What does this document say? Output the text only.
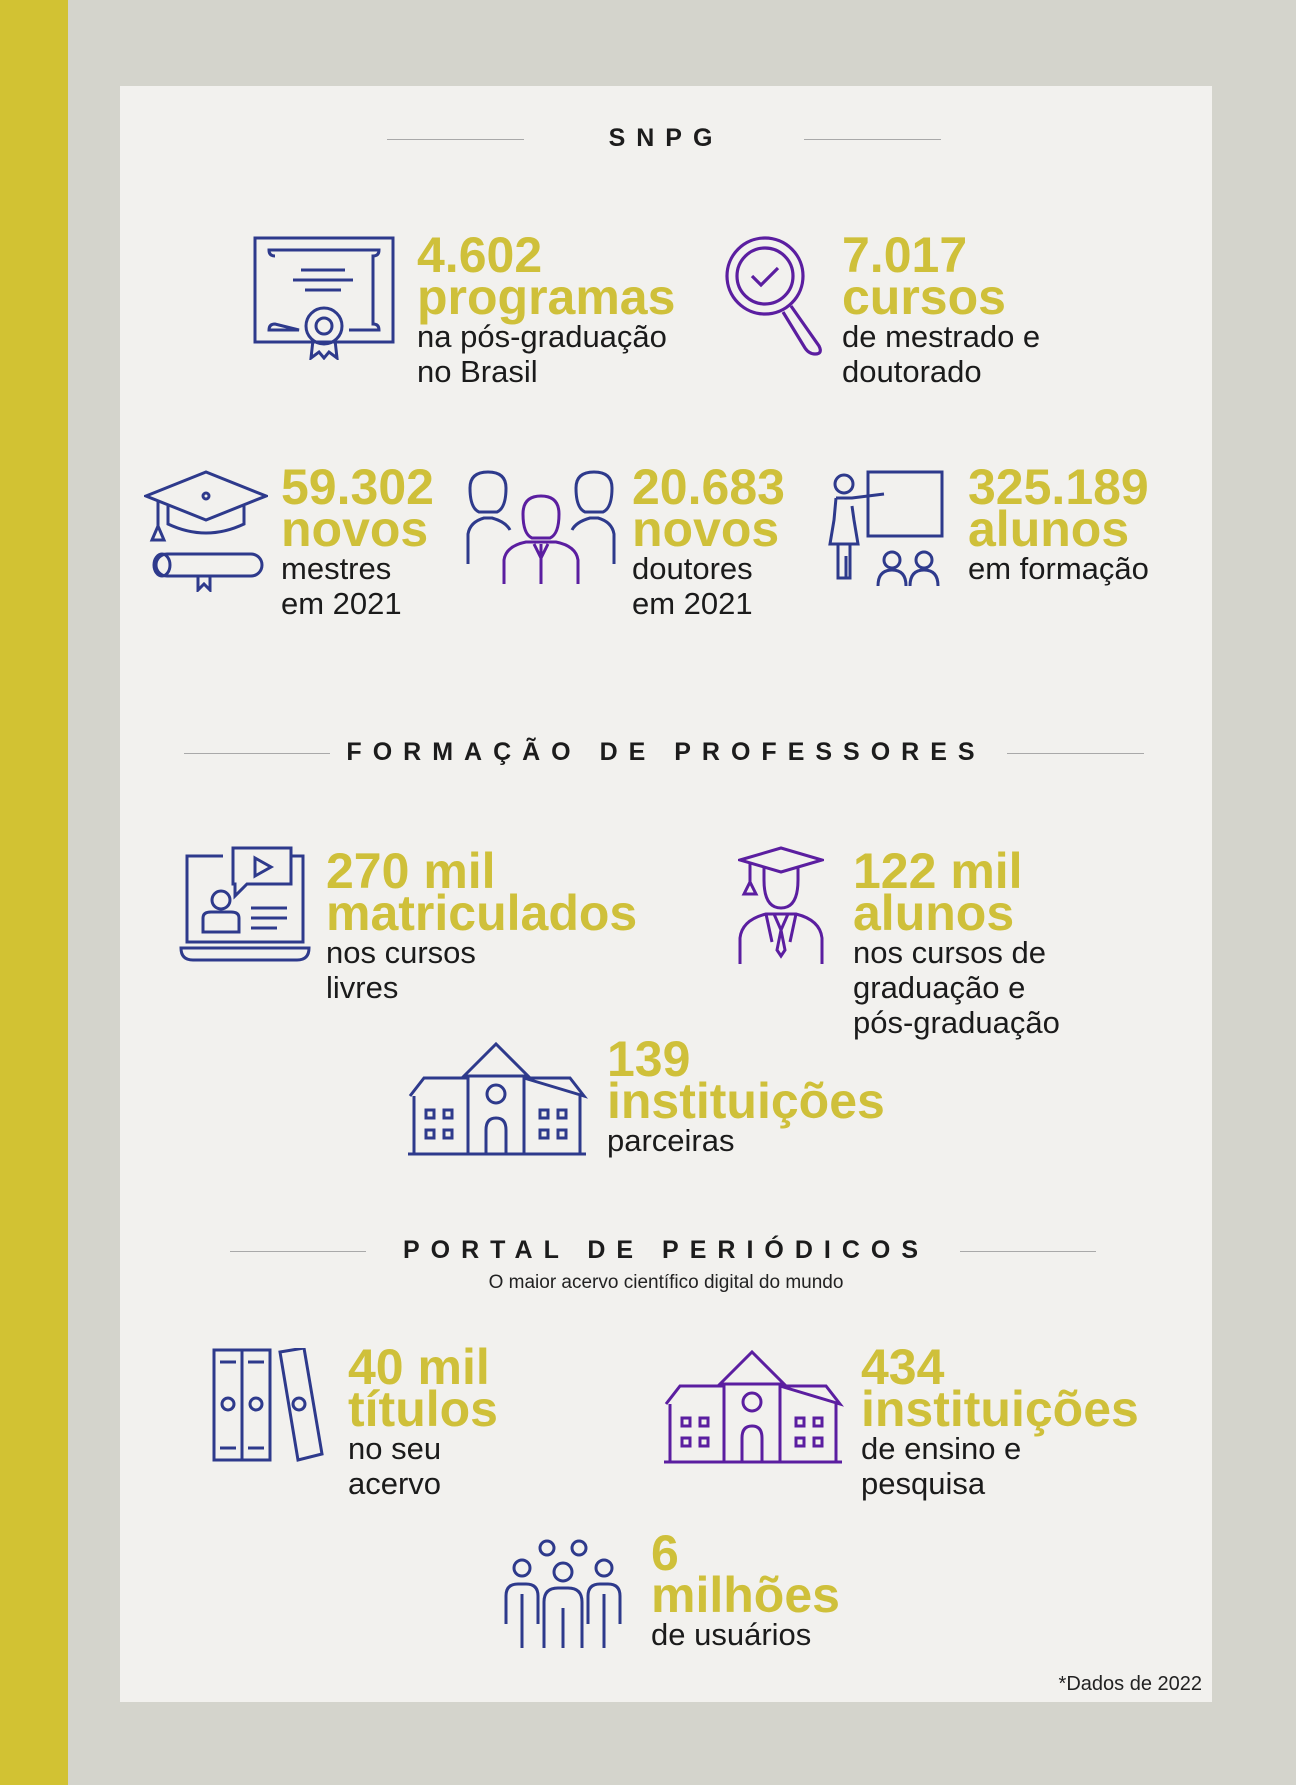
SNPG
4.602
programas
na pós-graduação
no Brasil
7.017
cursos
de mestrado e
doutorado
59.302
novos
mestres
em 2021
20.683
novos
doutores
em 2021
325.189
alunos
em formação
FORMAÇÃO DE PROFESSORES
270 mil
matriculados
nos cursos
livres
122 mil
alunos
nos cursos de
graduação e
pós-graduação
139
instituições
parceiras
PORTAL DE PERIÓDICOS
O maior acervo científico digital do mundo
40 mil
títulos
no seu
acervo
434
instituições
de ensino e
pesquisa
6
milhões
de usuários
*Dados de 2022
